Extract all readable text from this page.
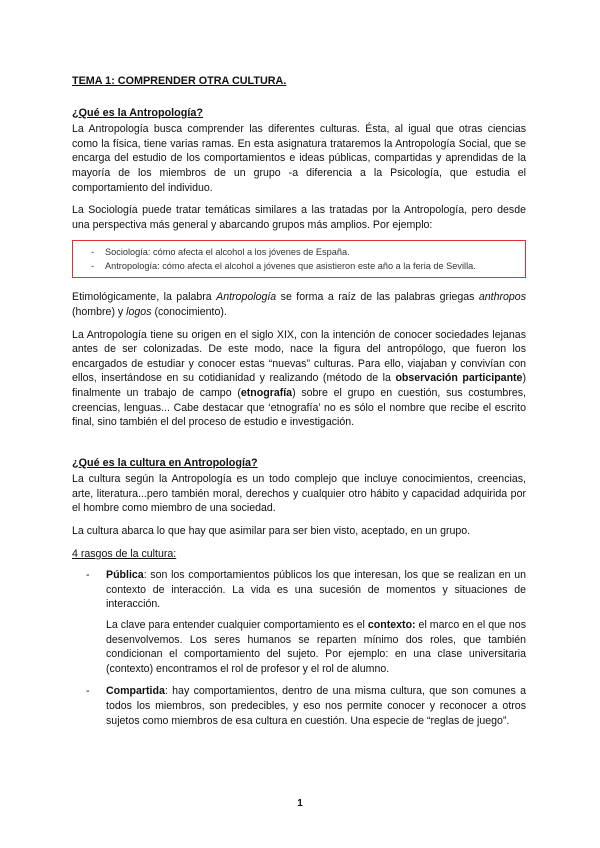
TEMA 1: COMPRENDER OTRA CULTURA.
¿Qué es la Antropología?

La Antropología busca comprender las diferentes culturas. Ésta, al igual que otras ciencias como la física, tiene varias ramas. En esta asignatura trataremos la Antropología Social, que se encarga del estudio de los comportamientos e ideas públicas, compartidas y aprendidas de la mayoría de los miembros de un grupo -a diferencia a la Psicología, que estudia el comportamiento del individuo.

La Sociología puede tratar temáticas similares a las tratadas por la Antropología, pero desde una perspectiva más general y abarcando grupos más amplios. Por ejemplo:

- Sociología: cómo afecta el alcohol a los jóvenes de España.
- Antropología: cómo afecta el alcohol a jóvenes que asistieron este año a la feria de Sevilla.

Etimológicamente, la palabra Antropología se forma a raíz de las palabras griegas anthropos (hombre) y logos (conocimiento).

La Antropología tiene su origen en el siglo XIX, con la intención de conocer sociedades lejanas antes de ser colonizadas. De este modo, nace la figura del antropólogo, que fueron los encargados de estudiar y conocer estas “nuevas” culturas. Para ello, viajaban y convivían con ellos, insertándose en su cotidianidad y realizando (método de la observación participante) finalmente un trabajo de campo (etnografía) sobre el grupo en cuestión, sus costumbres, creencias, lenguas... Cabe destacar que ‘etnografía’ no es sólo el nombre que recibe el escrito final, sino también el del proceso de estudio e investigación.

¿Qué es la cultura en Antropología?

La cultura según la Antropología es un todo complejo que incluye conocimientos, creencias, arte, literatura...pero también moral, derechos y cualquier otro hábito y capacidad adquirida por el hombre como miembro de una sociedad.

La cultura abarca lo que hay que asimilar para ser bien visto, aceptado, en un grupo.

4 rasgos de la cultura:
- Pública: son los comportamientos públicos los que interesan, los que se realizan en un contexto de interacción. La vida es una sucesión de momentos y situaciones de interacción.
La clave para entender cualquier comportamiento es el contexto: el marco en el que nos desenvolvemos. Los seres humanos se reparten mínimo dos roles, que también condicionan el comportamiento del sujeto. Por ejemplo: en una clase universitaria (contexto) encontramos el rol de profesor y el rol de alumno.
- Compartida: hay comportamientos, dentro de una misma cultura, que son comunes a todos los miembros, son predecibles, y eso nos permite conocer y reconocer a otros sujetos como miembros de esa cultura en cuestión. Una especie de “reglas de juego”.
1
